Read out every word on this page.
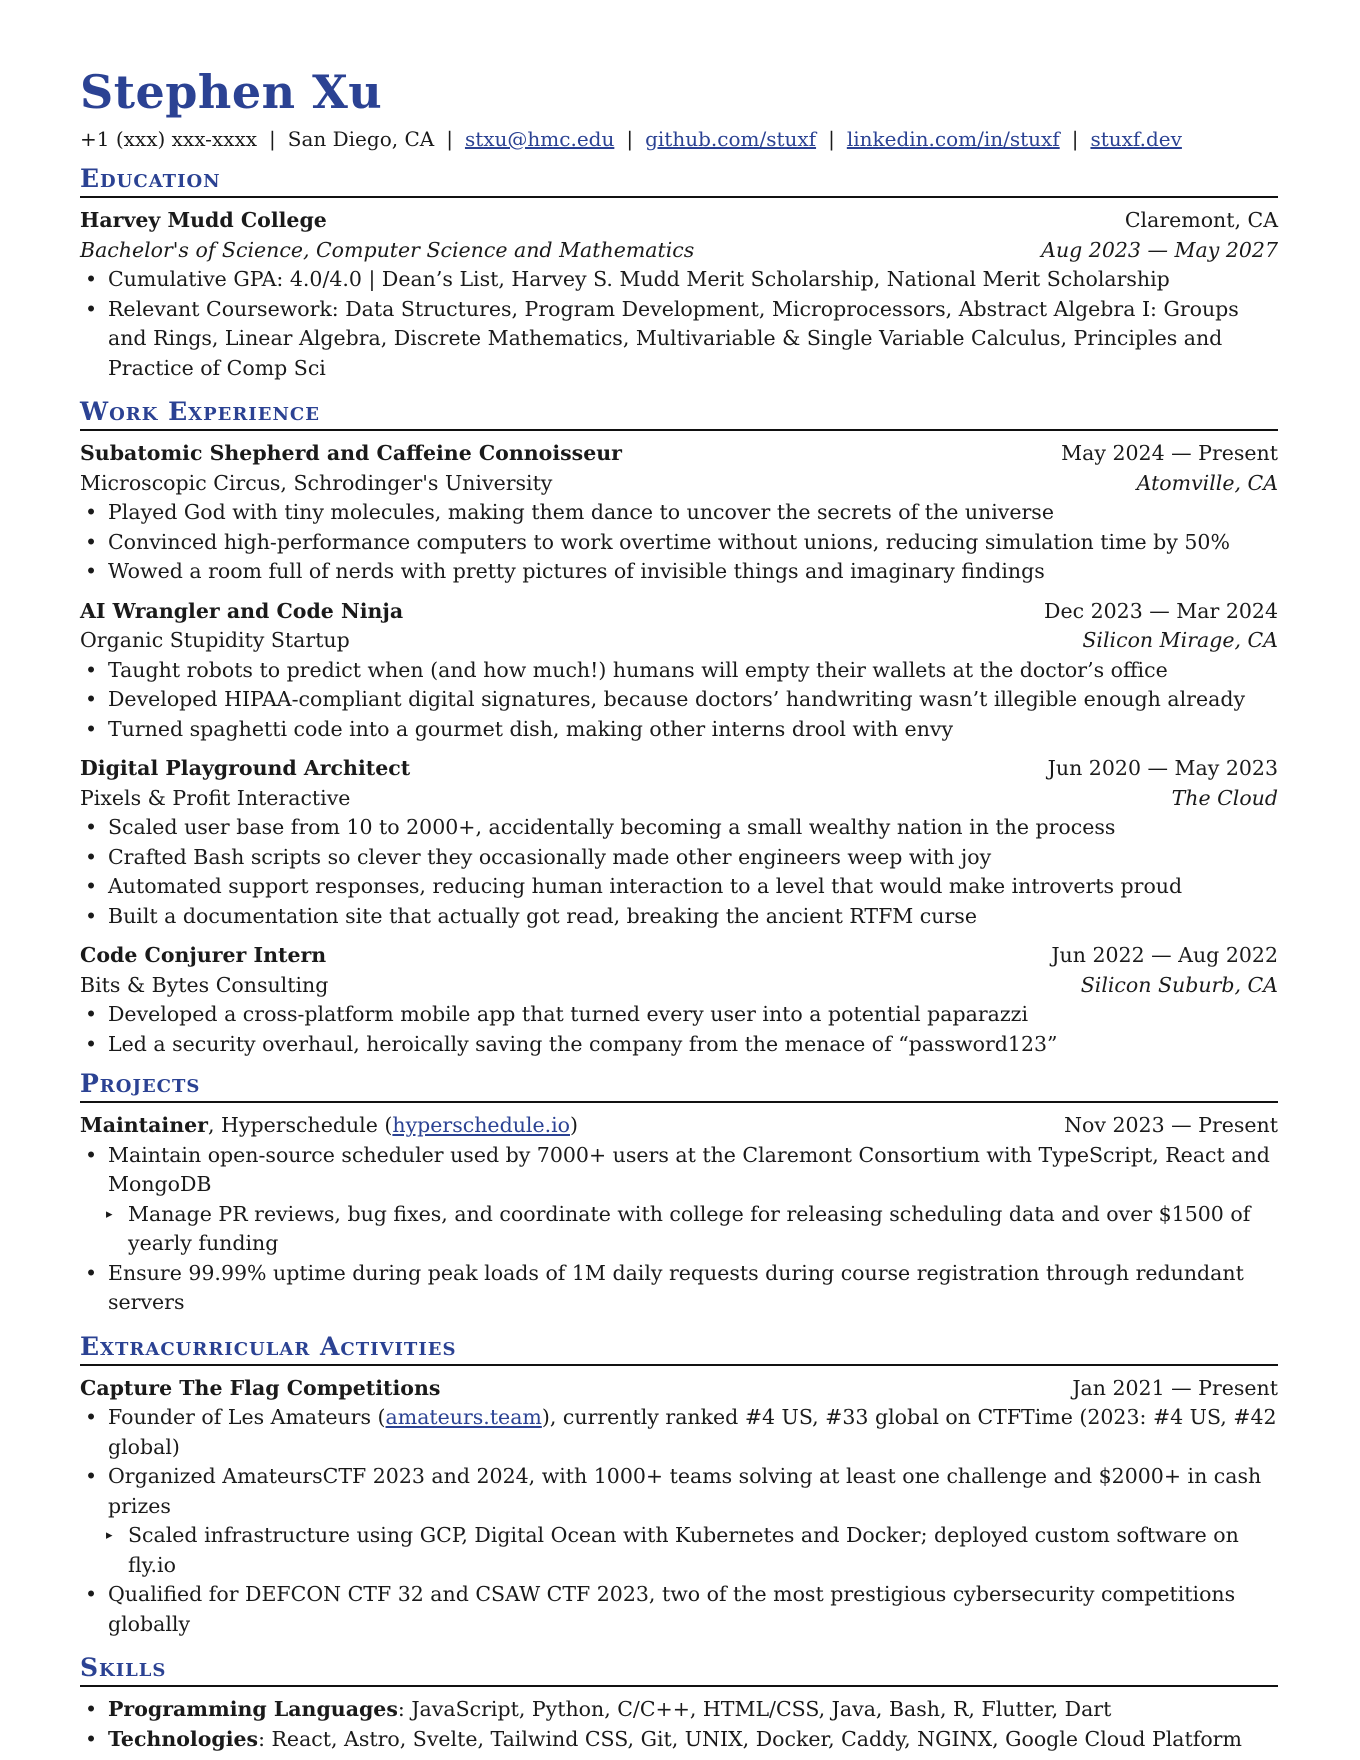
Stephen Xu
+1 (xxx) xxx-xxxx | San Diego, CA | stxu@hmc.edu | github.com/stuxf | linkedin.com/in/stuxf | stuxf.dev
Education
Harvey Mudd College	Claremont, CA
Bachelor's of Science, Computer Science and Mathematics	Aug 2023 — May 2027
• Cumulative GPA: 4.0/4.0 | Dean’s List, Harvey S. Mudd Merit Scholarship, National Merit Scholarship
• Relevant Coursework: Data Structures, Program Development, Microprocessors, Abstract Algebra I: Groups and Rings, Linear Algebra, Discrete Mathematics, Multivariable & Single Variable Calculus, Principles and Practice of Comp Sci
Work Experience
Subatomic Shepherd and Caffeine Connoisseur	May 2024 — Present
Microscopic Circus, Schrodinger's University	Atomville, CA
• Played God with tiny molecules, making them dance to uncover the secrets of the universe
• Convinced high-performance computers to work overtime without unions, reducing simulation time by 50%
• Wowed a room full of nerds with pretty pictures of invisible things and imaginary findings
AI Wrangler and Code Ninja	Dec 2023 — Mar 2024
Organic Stupidity Startup	Silicon Mirage, CA
• Taught robots to predict when (and how much!) humans will empty their wallets at the doctor’s office
• Developed HIPAA-compliant digital signatures, because doctors’ handwriting wasn’t illegible enough already
• Turned spaghetti code into a gourmet dish, making other interns drool with envy
Digital Playground Architect	Jun 2020 — May 2023
Pixels & Profit Interactive	The Cloud
• Scaled user base from 10 to 2000+, accidentally becoming a small wealthy nation in the process
• Crafted Bash scripts so clever they occasionally made other engineers weep with joy
• Automated support responses, reducing human interaction to a level that would make introverts proud
• Built a documentation site that actually got read, breaking the ancient RTFM curse
Code Conjurer Intern	Jun 2022 — Aug 2022
Bits & Bytes Consulting	Silicon Suburb, CA
• Developed a cross-platform mobile app that turned every user into a potential paparazzi
• Led a security overhaul, heroically saving the company from the menace of “password123”
Projects
Maintainer, Hyperschedule (hyperschedule.io)	Nov 2023 — Present
• Maintain open-source scheduler used by 7000+ users at the Claremont Consortium with TypeScript, React and MongoDB
▸ Manage PR reviews, bug fixes, and coordinate with college for releasing scheduling data and over $1500 of yearly funding
• Ensure 99.99% uptime during peak loads of 1M daily requests during course registration through redundant servers
Extracurricular Activities
Capture The Flag Competitions	Jan 2021 — Present
• Founder of Les Amateurs (amateurs.team), currently ranked #4 US, #33 global on CTFTime (2023: #4 US, #42 global)
• Organized AmateursCTF 2023 and 2024, with 1000+ teams solving at least one challenge and $2000+ in cash prizes
▸ Scaled infrastructure using GCP, Digital Ocean with Kubernetes and Docker; deployed custom software on fly.io
• Qualified for DEFCON CTF 32 and CSAW CTF 2023, two of the most prestigious cybersecurity competitions globally
Skills
• Programming Languages: JavaScript, Python, C/C++, HTML/CSS, Java, Bash, R, Flutter, Dart
• Technologies: React, Astro, Svelte, Tailwind CSS, Git, UNIX, Docker, Caddy, NGINX, Google Cloud Platform
